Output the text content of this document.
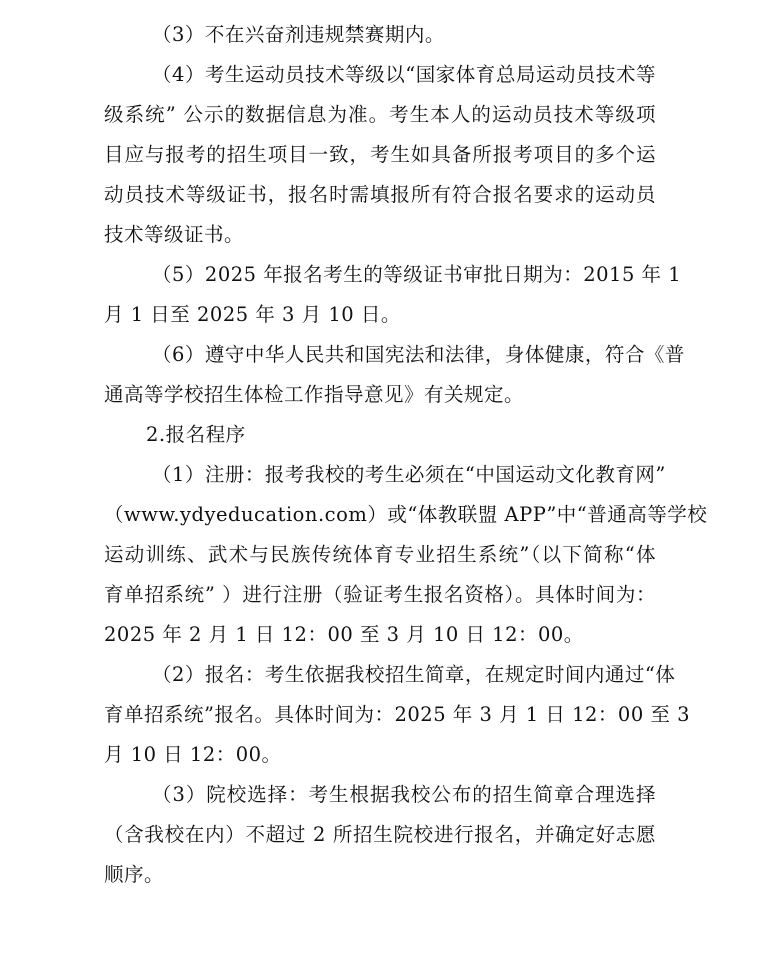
（3）不在兴奋剂违规禁赛期内。
（4）考生运动员技术等级以“国家体育总局运动员技术等
级系统” 公示的数据信息为准。考生本人的运动员技术等级项
目应与报考的招生项目一致，考生如具备所报考项目的多个运
动员技术等级证书，报名时需填报所有符合报名要求的运动员
技术等级证书。
（5）2025 年报名考生的等级证书审批日期为：2015 年 1
月 1 日至 2025 年 3 月 10 日。
（6）遵守中华人民共和国宪法和法律，身体健康，符合《普
通高等学校招生体检工作指导意见》有关规定。
2.报名程序
（1）注册：报考我校的考生必须在“中国运动文化教育网”
（www.ydyeducation.com）或“体教联盟 APP”中“普通高等学校
运动训练、武术与民族传统体育专业招生系统”（以下简称“体
育单招系统” ）进行注册（验证考生报名资格）。具体时间为：
2025 年 2 月 1 日 12：00 至 3 月 10 日 12：00。
（2）报名：考生依据我校招生简章，在规定时间内通过“体
育单招系统”报名。具体时间为：2025 年 3 月 1 日 12：00 至 3
月 10 日 12：00。
（3）院校选择：考生根据我校公布的招生简章合理选择
（含我校在内）不超过 2 所招生院校进行报名，并确定好志愿
顺序。
